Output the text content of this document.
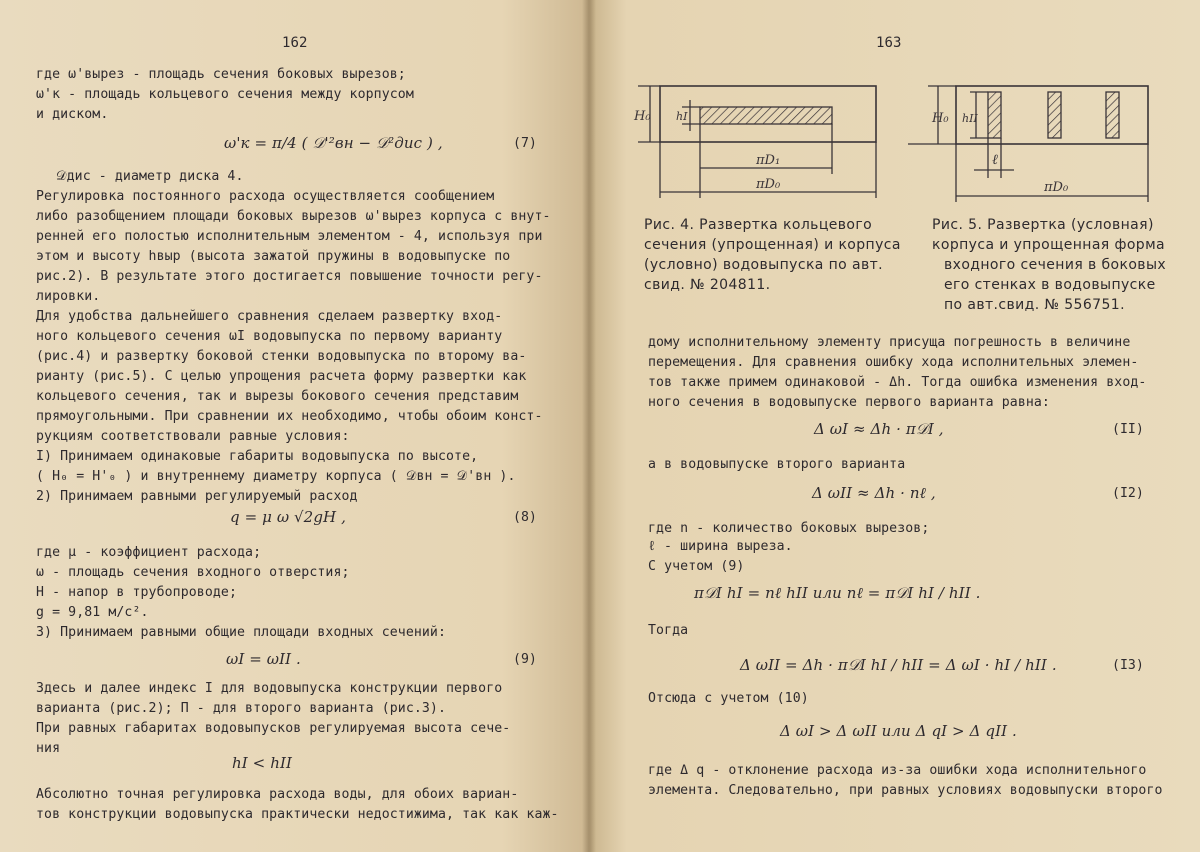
162
где ω'вырез - площадь сечения боковых вырезов;
ω'к - площадь кольцевого сечения между корпусом
и диском.
ω'к = π/4 ( 𝒟'²вн − 𝒟²дис ) ,	(7)
𝒟дис - диаметр диска 4.
Регулировка постоянного расхода осуществляется сообщением
либо разобщением площади боковых вырезов ω'вырез корпуса с внут-
ренней его полостью исполнительным элементом - 4, используя при
этом и высоту hвыр (высота зажатой пружины в водовыпуске по
рис.2). В результате этого достигается повышение точности регу-
лировки.
Для удобства дальнейшего сравнения сделаем развертку вход-
ного кольцевого сечения ωI водовыпуска по первому варианту
(рис.4) и развертку боковой стенки водовыпуска по второму ва-
рианту (рис.5). С целью упрощения расчета форму развертки как
кольцевого сечения, так и вырезы бокового сечения представим
прямоугольными. При сравнении их необходимо, чтобы обоим конст-
рукциям соответствовали равные условия:
I) Принимаем одинаковые габариты водовыпуска по высоте,
( H₀ = H'₀ ) и внутреннему диаметру корпуса ( 𝒟вн = 𝒟'вн ).
2) Принимаем равными регулируемый расход
q = μ ω √2gH ,	(8)
где μ - коэффициент расхода;
ω - площадь сечения входного отверстия;
H - напор в трубопроводе;
g = 9,81 м/с².
3) Принимаем равными общие площади входных сечений:
ωI = ωII .	(9)
Здесь и далее индекс I для водовыпуска конструкции первого
варианта (рис.2); П - для второго варианта (рис.3).
При равных габаритах водовыпусков регулируемая высота сече-
ния
hI < hII
Абсолютно точная регулировка расхода воды, для обоих вариан-
тов конструкции водовыпуска практически недостижима, так как каж-
163
H₀ hI
πD₁
πD₀
Рис. 4. Развертка кольцевого
сечения (упрощенная) и корпуса
(условно) водовыпуска по авт.
свид. № 204811.
H₀ hII
ℓ
πD₀
Рис. 5. Развертка (условная)
корпуса и упрощенная форма
входного сечения в боковых
его стенках в водовыпуске
по авт.свид. № 556751.
дому исполнительному элементу присуща погрешность в величине
перемещения. Для сравнения ошибку хода исполнительных элемен-
тов также примем одинаковой - Δh. Тогда ошибка изменения вход-
ного сечения в водовыпуске первого варианта равна:
Δ ωI ≈ Δh · π𝒟I ,	(II)
а в водовыпуске второго варианта
Δ ωII ≈ Δh · nℓ ,	(I2)
где n - количество боковых вырезов;
ℓ - ширина выреза.
С учетом (9)
π𝒟I hI = nℓ hII или nℓ = π𝒟I hI / hII .
Тогда
Δ ωII = Δh · π𝒟I hI / hII = Δ ωI · hI / hII .	(I3)
Отсюда с учетом (10)
Δ ωI > Δ ωII или Δ qI > Δ qII .
где Δ q - отклонение расхода из-за ошибки хода исполнительного
элемента. Следовательно, при равных условиях водовыпуски второго
